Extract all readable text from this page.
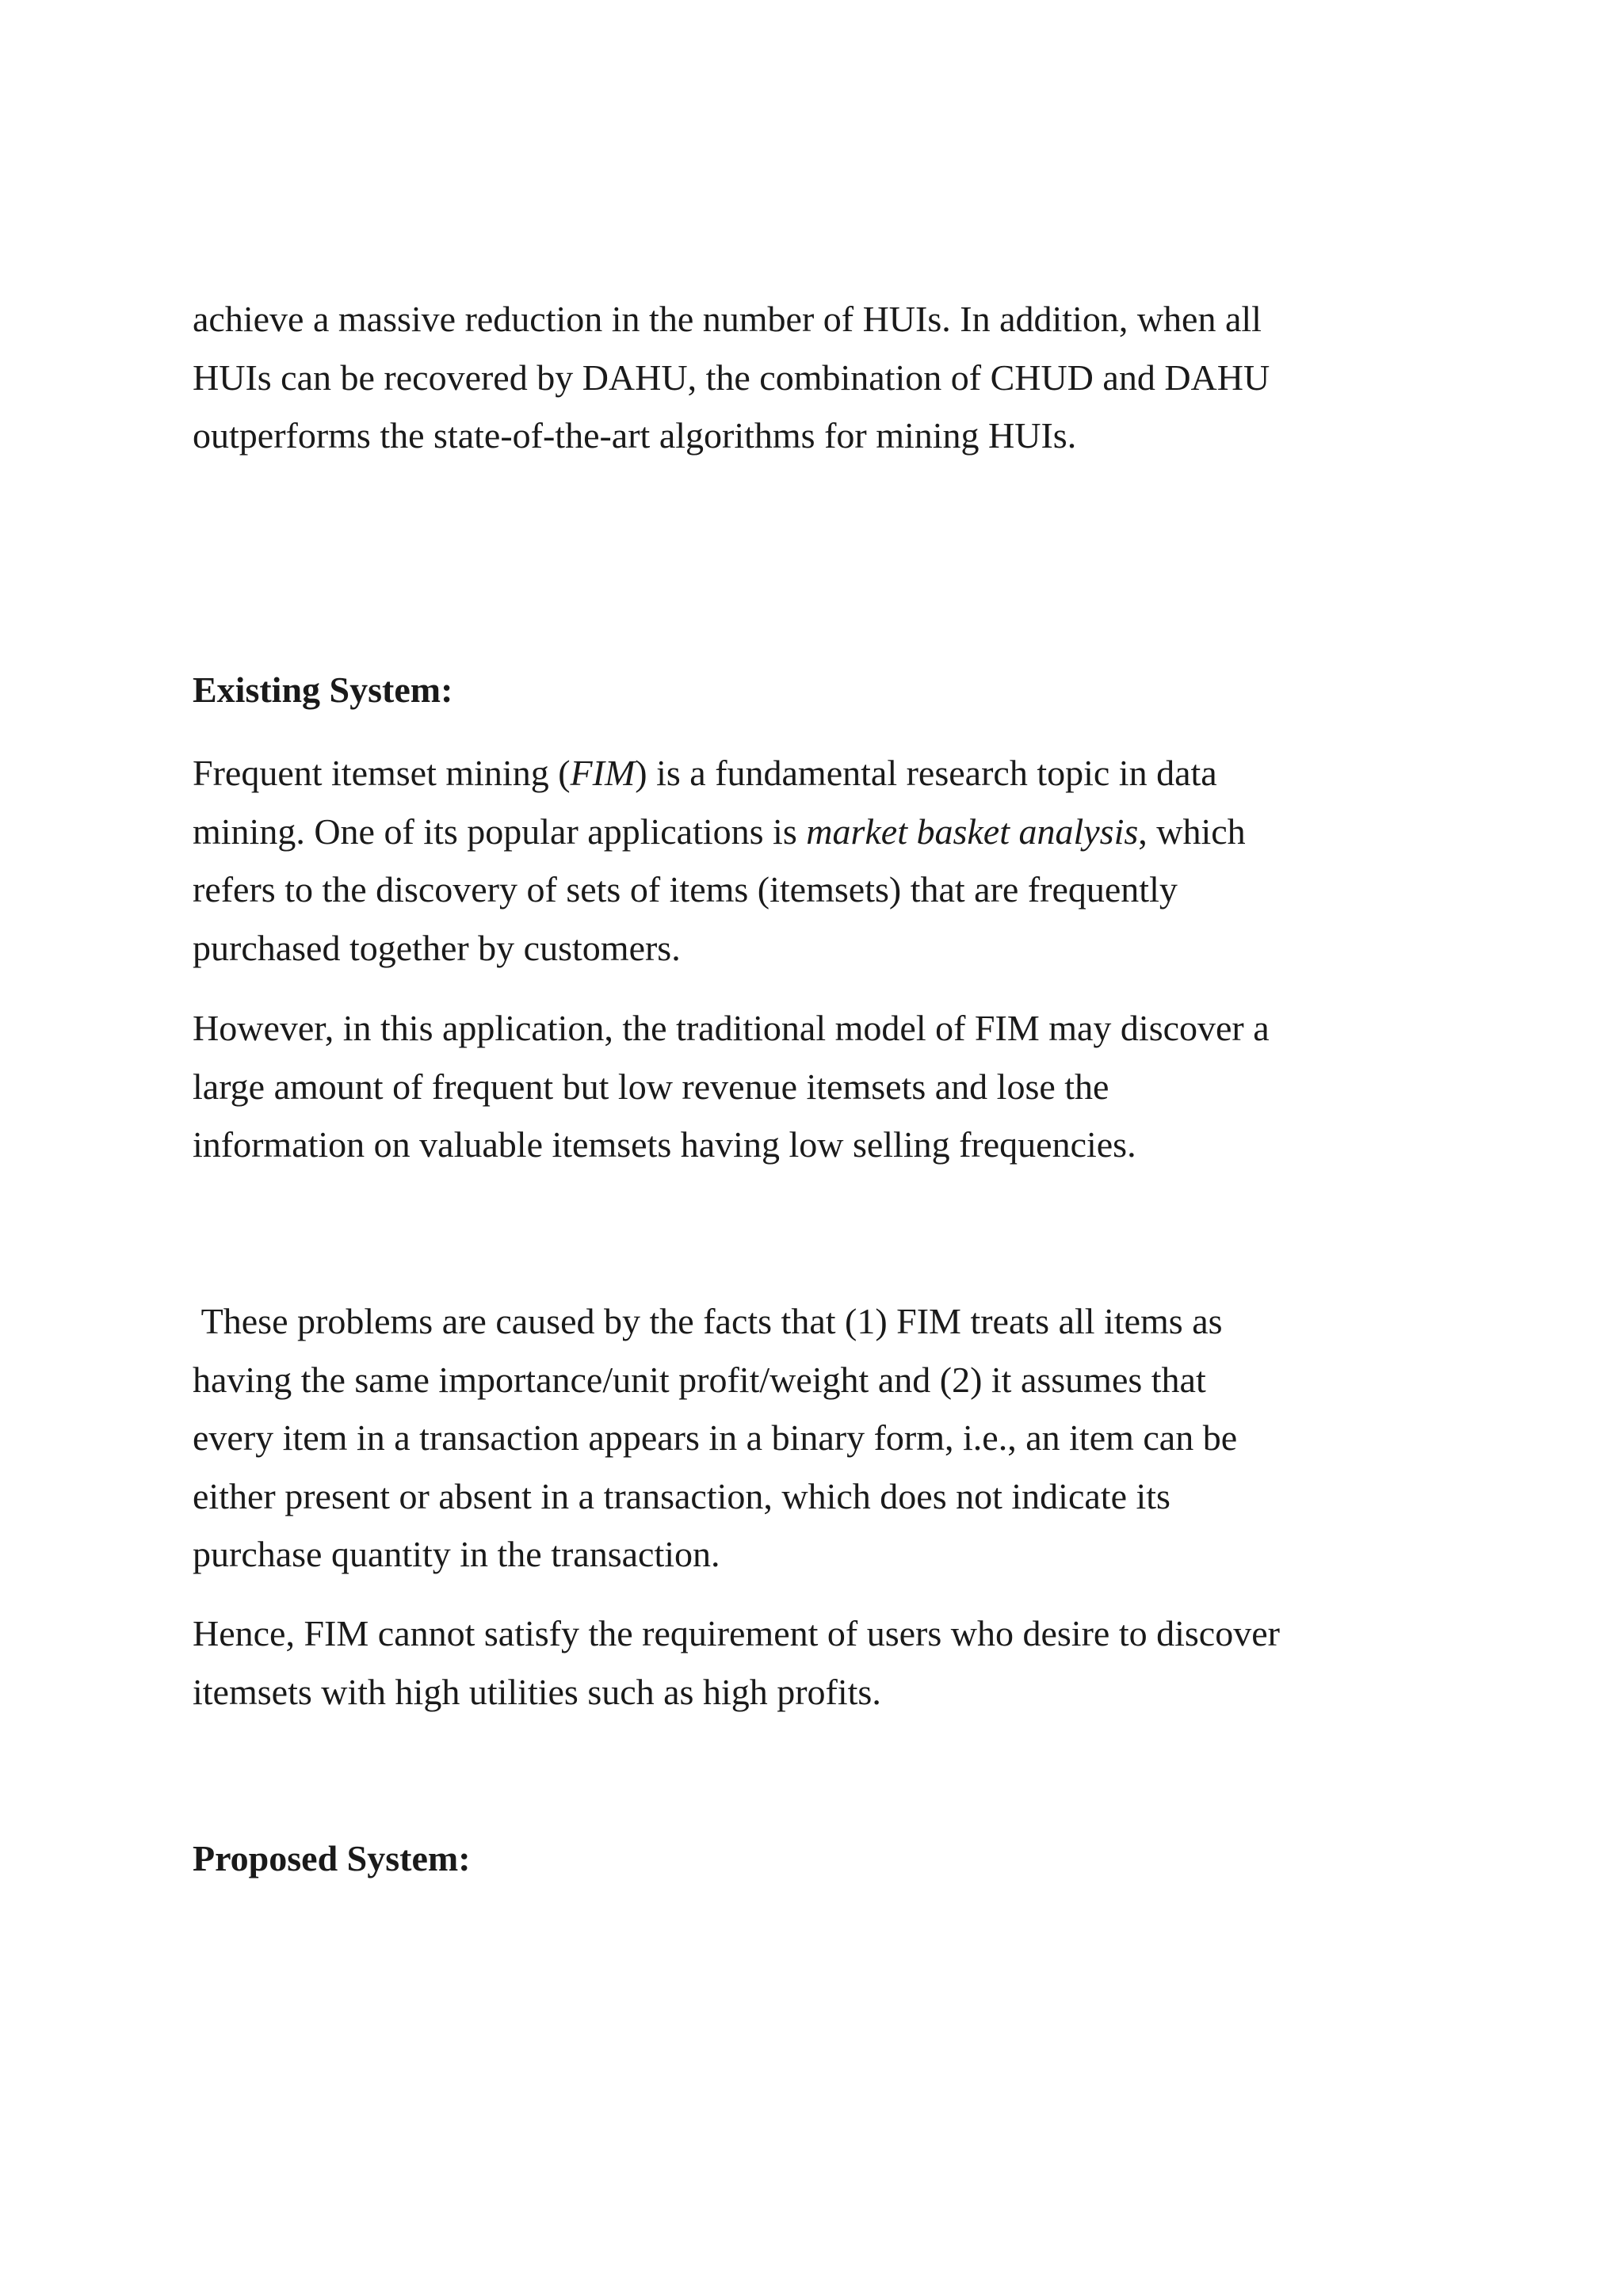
achieve a massive reduction in the number of HUIs. In addition, when all
HUIs can be recovered by DAHU, the combination of CHUD and DAHU
outperforms the state-of-the-art algorithms for mining HUIs.

Existing System:

Frequent itemset mining (FIM) is a fundamental research topic in data
mining. One of its popular applications is market basket analysis, which
refers to the discovery of sets of items (itemsets) that are frequently
purchased together by customers.

However, in this application, the traditional model of FIM may discover a
large amount of frequent but low revenue itemsets and lose the
information on valuable itemsets having low selling frequencies.

These problems are caused by the facts that (1) FIM treats all items as
having the same importance/unit profit/weight and (2) it assumes that
every item in a transaction appears in a binary form, i.e., an item can be
either present or absent in a transaction, which does not indicate its
purchase quantity in the transaction.

Hence, FIM cannot satisfy the requirement of users who desire to discover
itemsets with high utilities such as high profits.

Proposed System:
